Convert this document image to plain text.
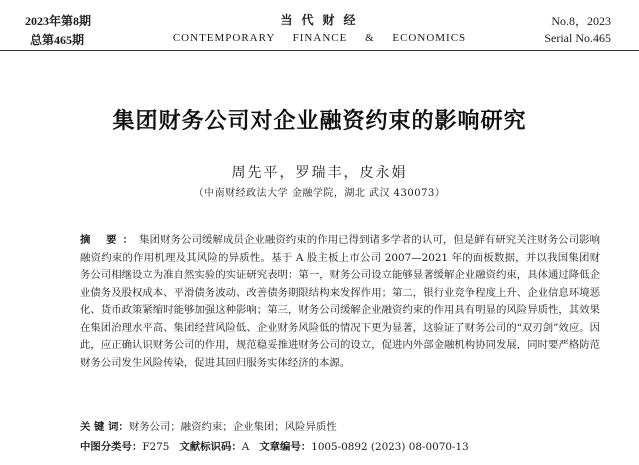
2023年第8期
总第465期
当 代 财 经
CONTEMPORARY FINANCE & ECONOMICS
No.8，2023
Serial No.465
集团财务公司对企业融资约束的影响研究
周先平，罗瑞丰，皮永娟
（中南财经政法大学 金融学院，湖北 武汉 430073）
摘 要：集团财务公司缓解成员企业融资约束的作用已得到诸多学者的认可，但是鲜有研究关注财务公司影响融资约束的作用机理及其风险的异质性。基于 A 股主板上市公司 2007—2021 年的面板数据，并以我国集团财务公司相继设立为准自然实验的实证研究表明：第一，财务公司设立能够显著缓解企业融资约束，具体通过降低企业债务及股权成本、平滑债务波动、改善债务期限结构来发挥作用；第二，银行业竞争程度上升、企业信息环境恶化、货币政策紧缩时能够加强这种影响；第三，财务公司缓解企业融资约束的作用具有明显的风险异质性，其效果在集团治理水平高、集团经营风险低、企业财务风险低的情况下更为显著，这验证了财务公司的“双刃剑”效应。因此，应正确认识财务公司的作用，规范稳妥推进财务公司的设立，促进内外部金融机构协同发展，同时要严格防范财务公司发生风险传染，促进其回归服务实体经济的本源。
关 键 词：财务公司；融资约束；企业集团；风险异质性
中图分类号：F275 文献标识码：A 文章编号：1005-0892 (2023) 08-0070-13
